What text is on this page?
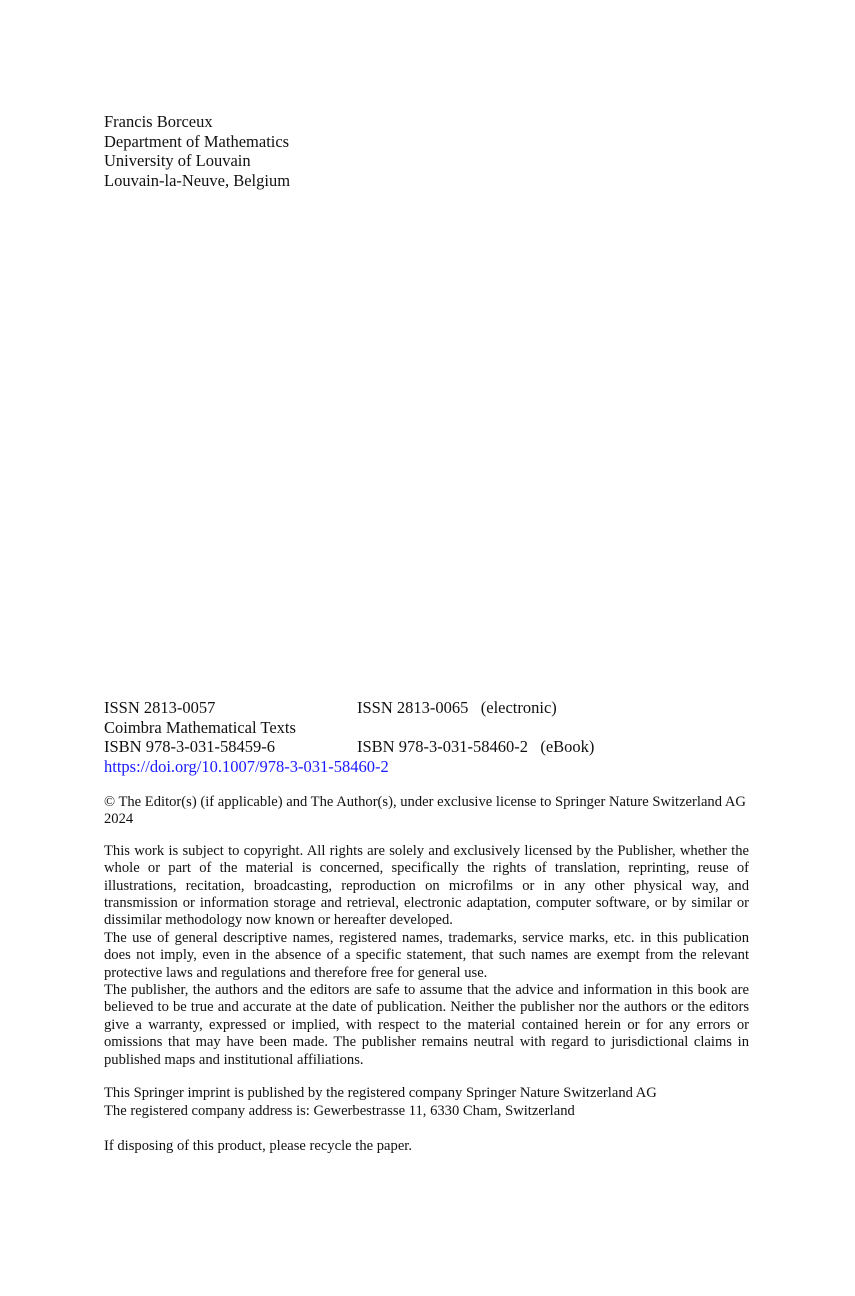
Francis Borceux
Department of Mathematics
University of Louvain
Louvain-la-Neuve, Belgium
ISSN 2813-0057	ISSN 2813-0065   (electronic)
Coimbra Mathematical Texts
ISBN 978-3-031-58459-6	ISBN 978-3-031-58460-2   (eBook)
https://doi.org/10.1007/978-3-031-58460-2

© The Editor(s) (if applicable) and The Author(s), under exclusive license to Springer Nature Switzerland AG 2024

This work is subject to copyright. All rights are solely and exclusively licensed by the Publisher, whether the whole or part of the material is concerned, specifically the rights of translation, reprinting, reuse of illustrations, recitation, broadcasting, reproduction on microfilms or in any other physical way, and transmission or information storage and retrieval, electronic adaptation, computer software, or by similar or dissimilar methodology now known or hereafter developed.

The use of general descriptive names, registered names, trademarks, service marks, etc. in this publication does not imply, even in the absence of a specific statement, that such names are exempt from the relevant protective laws and regulations and therefore free for general use.

The publisher, the authors and the editors are safe to assume that the advice and information in this book are believed to be true and accurate at the date of publication. Neither the publisher nor the authors or the editors give a warranty, expressed or implied, with respect to the material contained herein or for any errors or omissions that may have been made. The publisher remains neutral with regard to jurisdictional claims in published maps and institutional affiliations.

This Springer imprint is published by the registered company Springer Nature Switzerland AG

The registered company address is: Gewerbestrasse 11, 6330 Cham, Switzerland

If disposing of this product, please recycle the paper.
